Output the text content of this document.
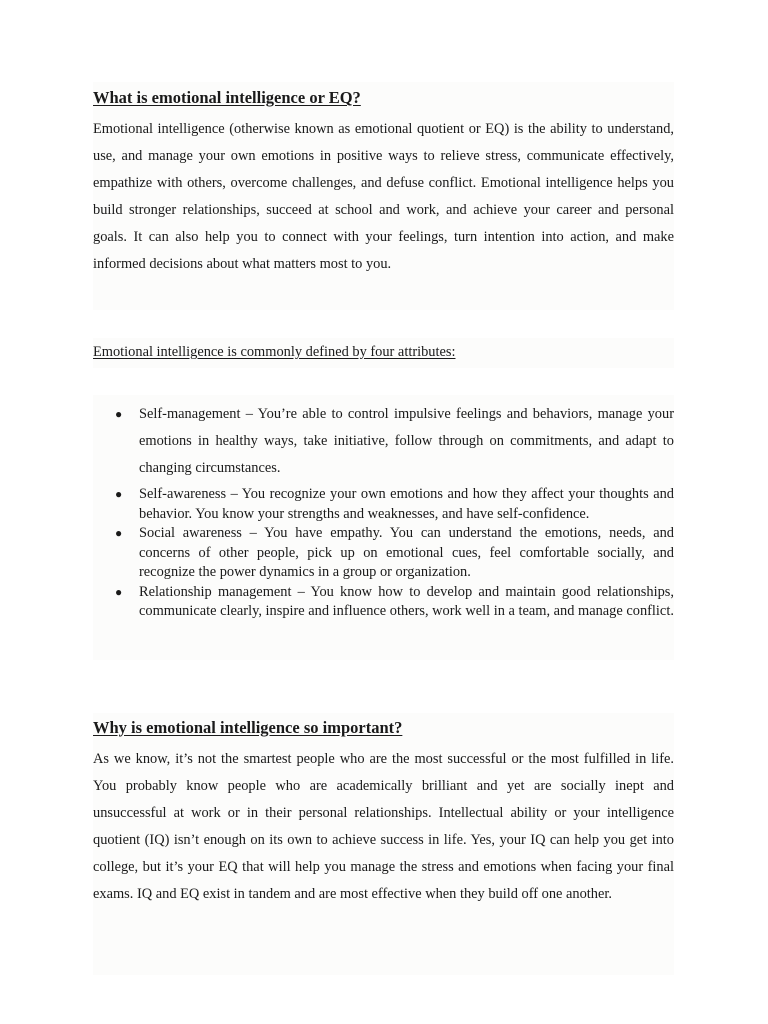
What is emotional intelligence or EQ?

Emotional intelligence (otherwise known as emotional quotient or EQ) is the ability to understand, use, and manage your own emotions in positive ways to relieve stress, communicate effectively, empathize with others, overcome challenges, and defuse conflict. Emotional intelligence helps you build stronger relationships, succeed at school and work, and achieve your career and personal goals. It can also help you to connect with your feelings, turn intention into action, and make informed decisions about what matters most to you.

Emotional intelligence is commonly defined by four attributes:
● Self-management – You’re able to control impulsive feelings and behaviors, manage your emotions in healthy ways, take initiative, follow through on commitments, and adapt to changing circumstances.
● Self-awareness – You recognize your own emotions and how they affect your thoughts and behavior. You know your strengths and weaknesses, and have self-confidence.
● Social awareness – You have empathy. You can understand the emotions, needs, and concerns of other people, pick up on emotional cues, feel comfortable socially, and recognize the power dynamics in a group or organization.
● Relationship management – You know how to develop and maintain good relationships, communicate clearly, inspire and influence others, work well in a team, and manage conflict.
Why is emotional intelligence so important?

As we know, it’s not the smartest people who are the most successful or the most fulfilled in life. You probably know people who are academically brilliant and yet are socially inept and unsuccessful at work or in their personal relationships. Intellectual ability or your intelligence quotient (IQ) isn’t enough on its own to achieve success in life. Yes, your IQ can help you get into college, but it’s your EQ that will help you manage the stress and emotions when facing your final exams. IQ and EQ exist in tandem and are most effective when they build off one another.
